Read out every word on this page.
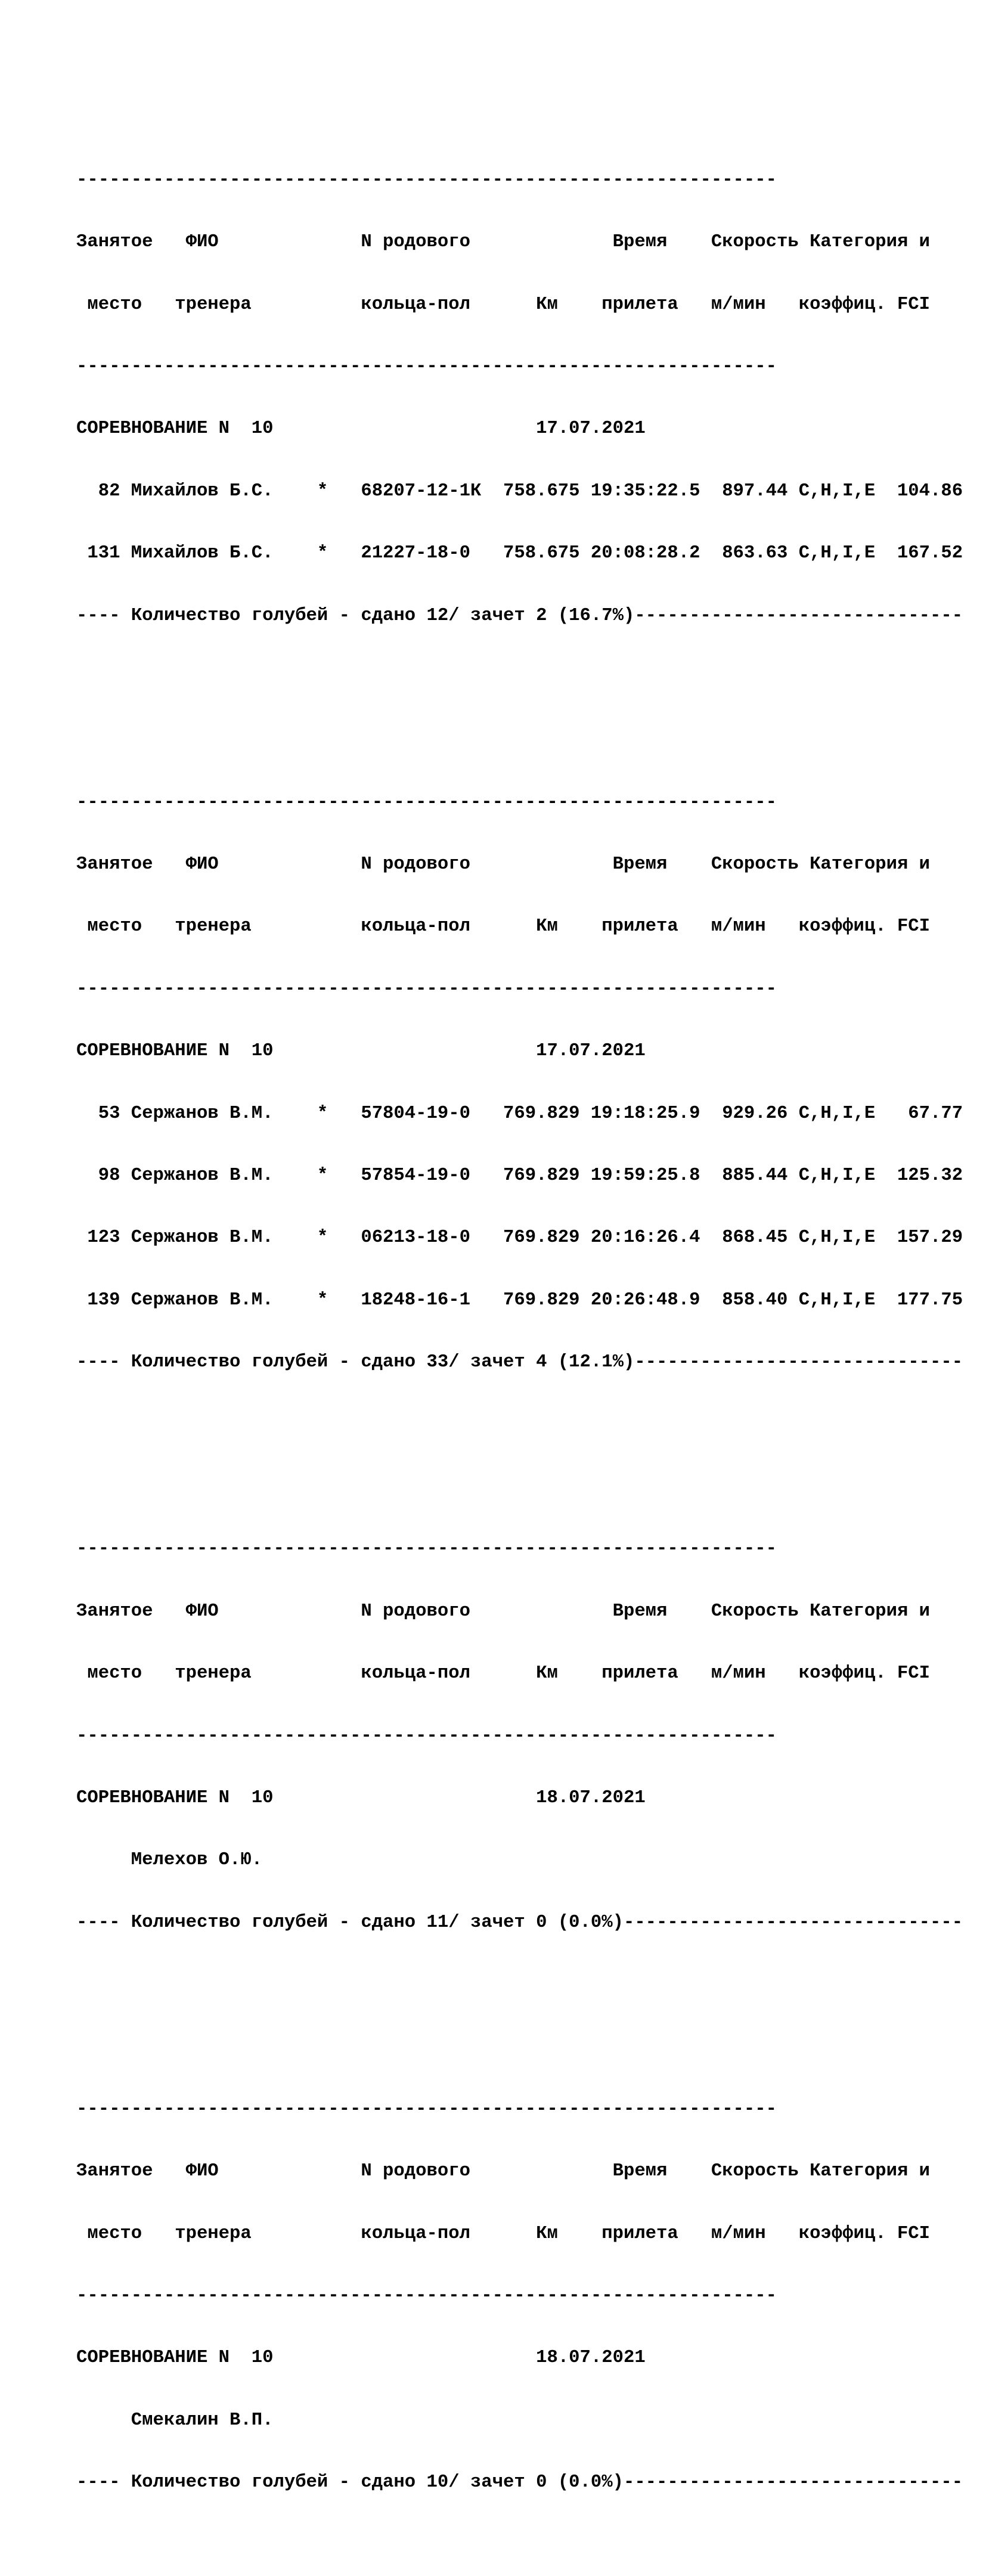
----------------------------------------------------------------

Занятое   ФИО             N родового             Время    Скорость Категория и

место   тренера          кольца-пол      Км    прилета   м/мин   коэффиц. FCI

----------------------------------------------------------------

СОРЕВНОВАНИЕ N  10                        17.07.2021

82 Михайлов Б.С.    *   68207-12-1К  758.675 19:35:22.5  897.44 C,H,I,E  104.86

131 Михайлов Б.С.    *   21227-18-0   758.675 20:08:28.2  863.63 C,H,I,E  167.52

---- Количество голубей - сдано 12/ зачет 2 (16.7%)------------------------------

----------------------------------------------------------------

Занятое   ФИО             N родового             Время    Скорость Категория и

место   тренера          кольца-пол      Км    прилета   м/мин   коэффиц. FCI

----------------------------------------------------------------

СОРЕВНОВАНИЕ N  10                        17.07.2021

53 Сержанов В.М.    *   57804-19-0   769.829 19:18:25.9  929.26 C,H,I,E   67.77

98 Сержанов В.М.    *   57854-19-0   769.829 19:59:25.8  885.44 C,H,I,E  125.32

123 Сержанов В.М.    *   06213-18-0   769.829 20:16:26.4  868.45 C,H,I,E  157.29

139 Сержанов В.М.    *   18248-16-1   769.829 20:26:48.9  858.40 C,H,I,E  177.75

---- Количество голубей - сдано 33/ зачет 4 (12.1%)------------------------------

----------------------------------------------------------------

Занятое   ФИО             N родового             Время    Скорость Категория и

место   тренера          кольца-пол      Км    прилета   м/мин   коэффиц. FCI

----------------------------------------------------------------

СОРЕВНОВАНИЕ N  10                        18.07.2021

Мелехов О.Ю.

---- Количество голубей - сдано 11/ зачет 0 (0.0%)-------------------------------

----------------------------------------------------------------

Занятое   ФИО             N родового             Время    Скорость Категория и

место   тренера          кольца-пол      Км    прилета   м/мин   коэффиц. FCI

----------------------------------------------------------------

СОРЕВНОВАНИЕ N  10                        18.07.2021

Смекалин В.П.

---- Количество голубей - сдано 10/ зачет 0 (0.0%)-------------------------------
